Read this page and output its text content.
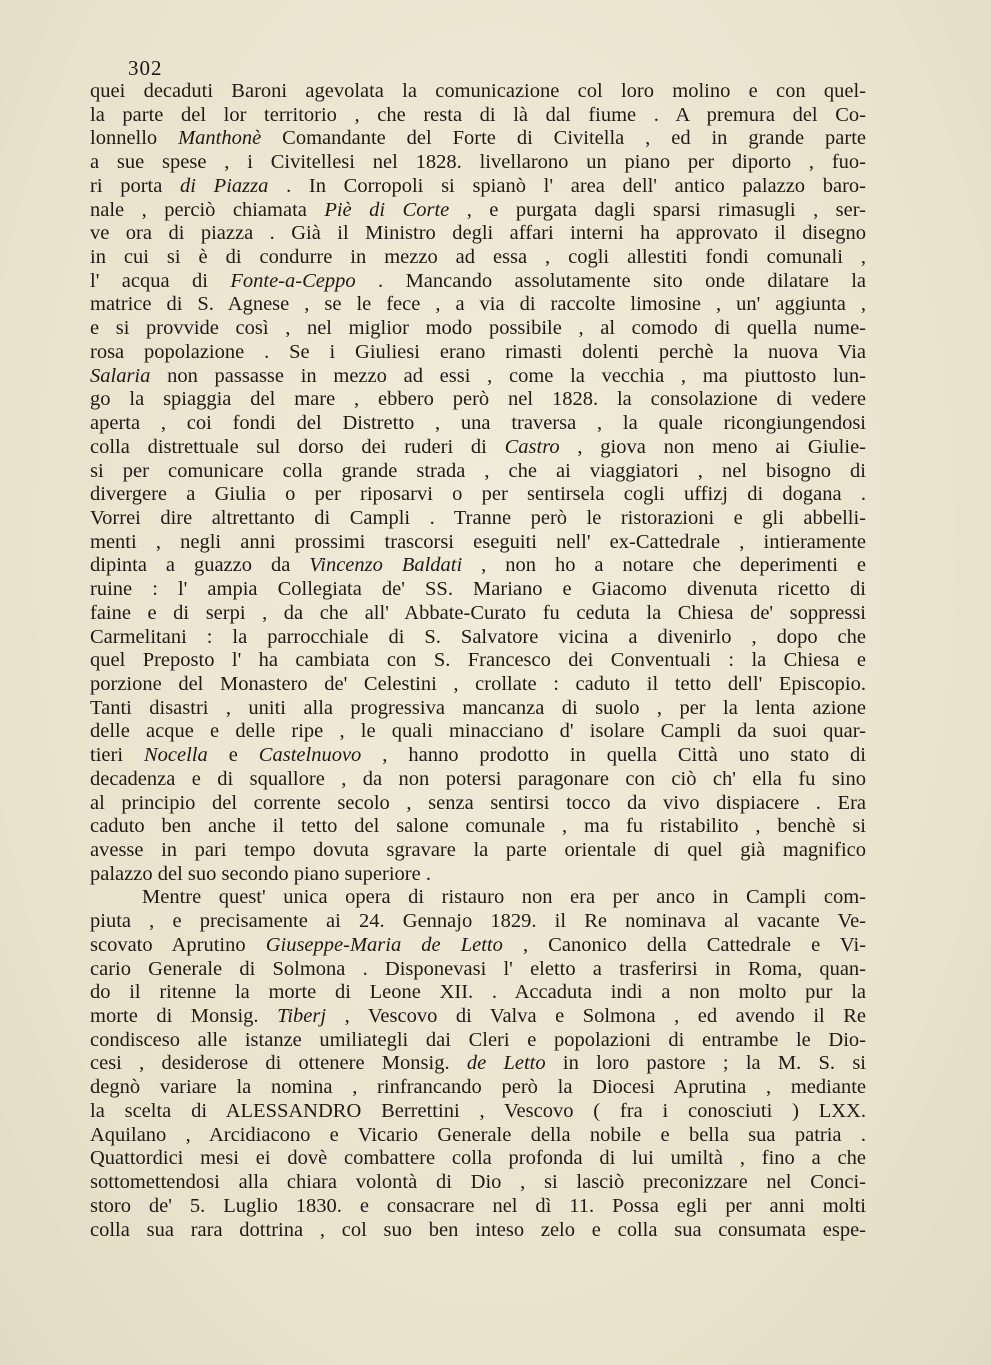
302
quei decaduti Baroni agevolata la comunicazione col loro molino e con quel-
la parte del lor territorio , che resta di là dal fiume . A premura del Co-
lonnello Manthonè Comandante del Forte di Civitella , ed in grande parte
a sue spese , i Civitellesi nel 1828. livellarono un piano per diporto , fuo-
ri porta di Piazza . In Corropoli si spianò l' area dell' antico palazzo baro-
nale , perciò chiamata Piè di Corte , e purgata dagli sparsi rimasugli , ser-
ve ora di piazza . Già il Ministro degli affari interni ha approvato il disegno
in cui si è di condurre in mezzo ad essa , cogli allestiti fondi comunali ,
l' acqua di Fonte-a-Ceppo . Mancando assolutamente sito onde dilatare la
matrice di S. Agnese , se le fece , a via di raccolte limosine , un' aggiunta ,
e si provvide così , nel miglior modo possibile , al comodo di quella nume-
rosa popolazione . Se i Giuliesi erano rimasti dolenti perchè la nuova Via
Salaria non passasse in mezzo ad essi , come la vecchia , ma piuttosto lun-
go la spiaggia del mare , ebbero però nel 1828. la consolazione di vedere
aperta , coi fondi del Distretto , una traversa , la quale ricongiungendosi
colla distrettuale sul dorso dei ruderi di Castro , giova non meno ai Giulie-
si per comunicare colla grande strada , che ai viaggiatori , nel bisogno di
divergere a Giulia o per riposarvi o per sentirsela cogli uffizj di dogana .
Vorrei dire altrettanto di Campli . Tranne però le ristorazioni e gli abbelli-
menti , negli anni prossimi trascorsi eseguiti nell' ex-Cattedrale , intieramente
dipinta a guazzo da Vincenzo Baldati , non ho a notare che deperimenti e
ruine : l' ampia Collegiata de' SS. Mariano e Giacomo divenuta ricetto di
faine e di serpi , da che all' Abbate-Curato fu ceduta la Chiesa de' soppressi
Carmelitani : la parrocchiale di S. Salvatore vicina a divenirlo , dopo che
quel Preposto l' ha cambiata con S. Francesco dei Conventuali : la Chiesa e
porzione del Monastero de' Celestini , crollate : caduto il tetto dell' Episcopio.
Tanti disastri , uniti alla progressiva mancanza di suolo , per la lenta azione
delle acque e delle ripe , le quali minacciano d' isolare Campli da suoi quar-
tieri Nocella e Castelnuovo , hanno prodotto in quella Città uno stato di
decadenza e di squallore , da non potersi paragonare con ciò ch' ella fu sino
al principio del corrente secolo , senza sentirsi tocco da vivo dispiacere . Era
caduto ben anche il tetto del salone comunale , ma fu ristabilito , benchè si
avesse in pari tempo dovuta sgravare la parte orientale di quel già magnifico
palazzo del suo secondo piano superiore .
Mentre quest' unica opera di ristauro non era per anco in Campli com-
piuta , e precisamente ai 24. Gennajo 1829. il Re nominava al vacante Ve-
scovato Aprutino Giuseppe-Maria de Letto , Canonico della Cattedrale e Vi-
cario Generale di Solmona . Disponevasi l' eletto a trasferirsi in Roma, quan-
do il ritenne la morte di Leone XII. . Accaduta indi a non molto pur la
morte di Monsig. Tiberj , Vescovo di Valva e Solmona , ed avendo il Re
condisceso alle istanze umiliategli dai Cleri e popolazioni di entrambe le Dio-
cesi , desiderose di ottenere Monsig. de Letto in loro pastore ; la M. S. si
degnò variare la nomina , rinfrancando però la Diocesi Aprutina , mediante
la scelta di ALESSANDRO Berrettini , Vescovo ( fra i conosciuti ) LXX.
Aquilano , Arcidiacono e Vicario Generale della nobile e bella sua patria .
Quattordici mesi ei dovè combattere colla profonda di lui umiltà , fino a che
sottomettendosi alla chiara volontà di Dio , si lasciò preconizzare nel Conci-
storo de' 5. Luglio 1830. e consacrare nel dì 11. Possa egli per anni molti
colla sua rara dottrina , col suo ben inteso zelo e colla sua consumata espe-
